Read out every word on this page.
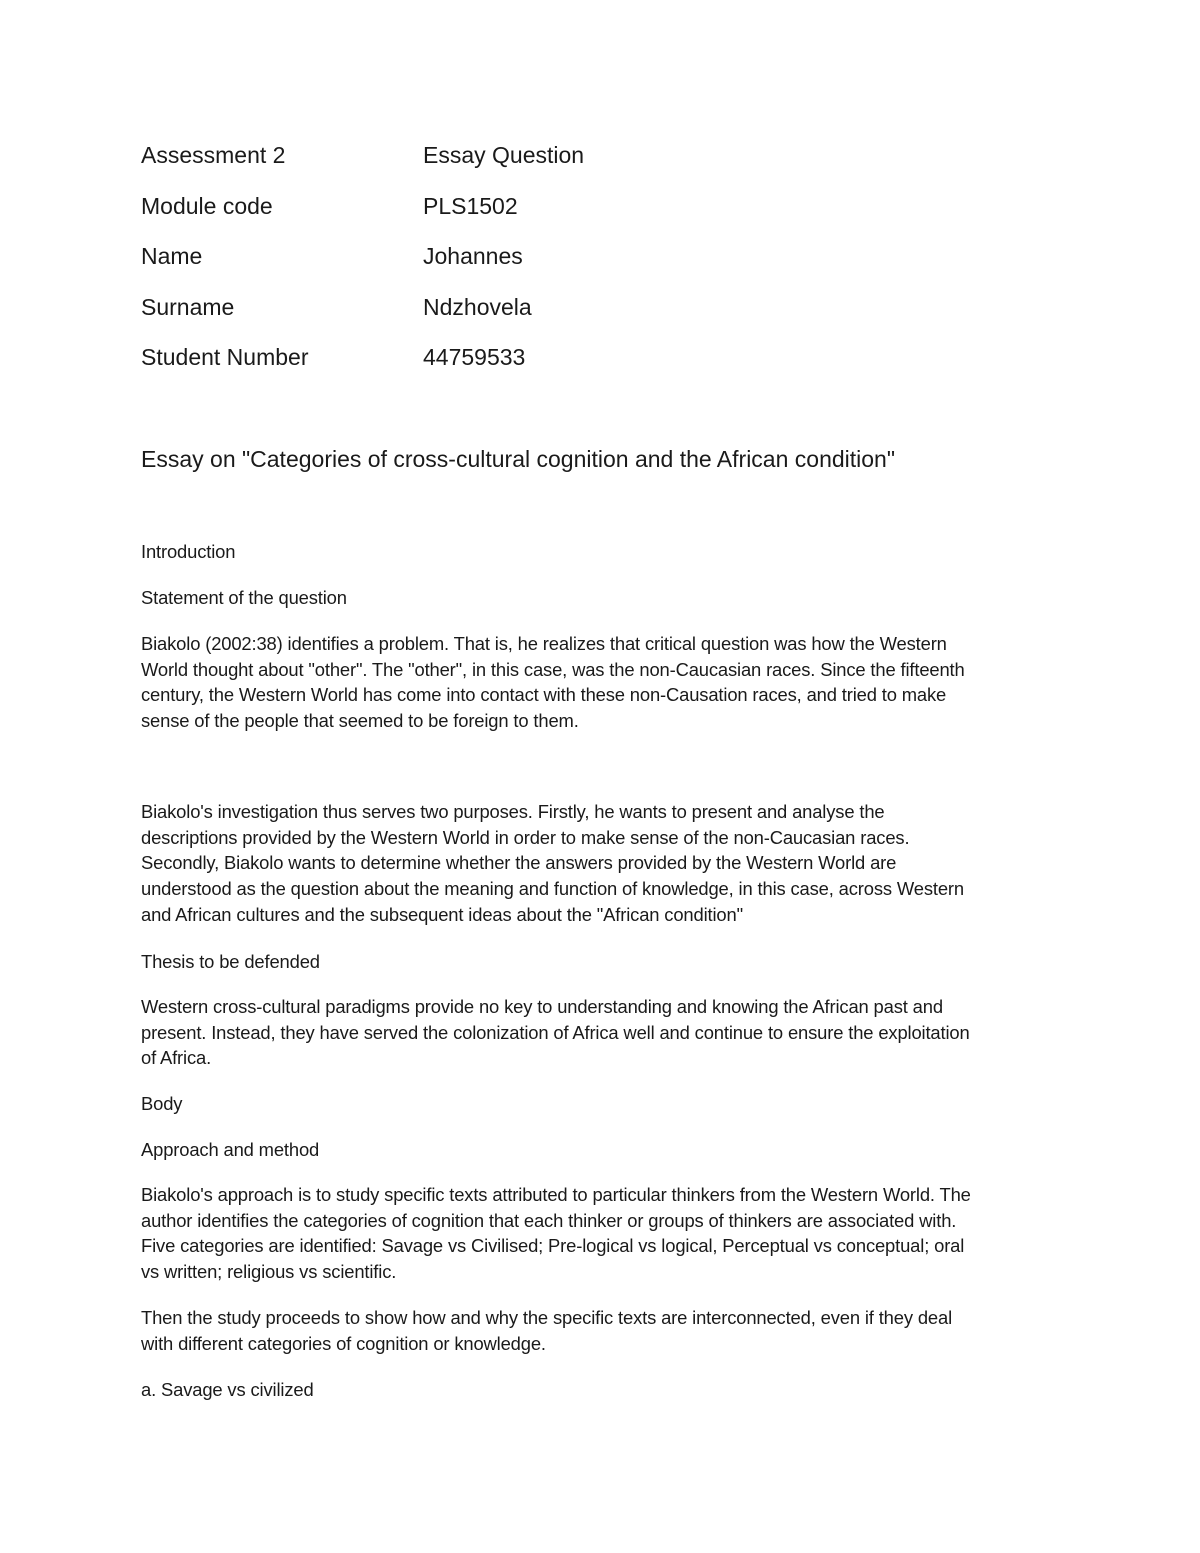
Assessment 2	Essay Question
Module code	PLS1502
Name	Johannes
Surname	Ndzhovela
Student Number	44759533
Essay on "Categories of cross-cultural cognition and the African condition"
Introduction
Statement of the question
Biakolo (2002:38) identifies a problem. That is, he realizes that critical question was how the Western
World thought about "other". The "other", in this case, was the non-Caucasian races. Since the fifteenth
century, the Western World has come into contact with these non-Causation races, and tried to make
sense of the people that seemed to be foreign to them.
Biakolo's investigation thus serves two purposes. Firstly, he wants to present and analyse the
descriptions provided by the Western World in order to make sense of the non-Caucasian races.
Secondly, Biakolo wants to determine whether the answers provided by the Western World are
understood as the question about the meaning and function of knowledge, in this case, across Western
and African cultures and the subsequent ideas about the "African condition"
Thesis to be defended
Western cross-cultural paradigms provide no key to understanding and knowing the African past and
present. Instead, they have served the colonization of Africa well and continue to ensure the exploitation
of Africa.
Body
Approach and method
Biakolo's approach is to study specific texts attributed to particular thinkers from the Western World. The
author identifies the categories of cognition that each thinker or groups of thinkers are associated with.
Five categories are identified: Savage vs Civilised; Pre-logical vs logical, Perceptual vs conceptual; oral
vs written; religious vs scientific.
Then the study proceeds to show how and why the specific texts are interconnected, even if they deal
with different categories of cognition or knowledge.
a. Savage vs civilized
